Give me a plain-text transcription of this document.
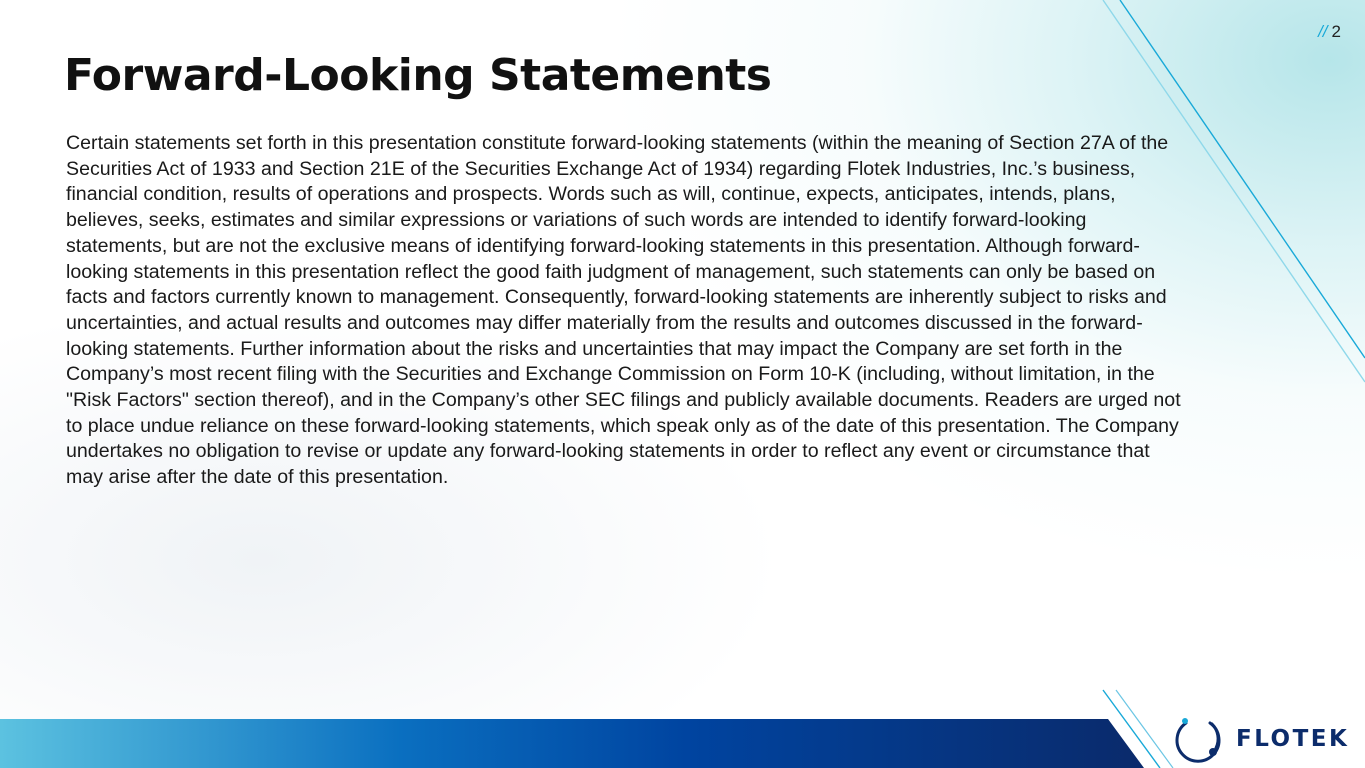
// 2
Forward-Looking Statements

Certain statements set forth in this presentation constitute forward-looking statements (within the meaning of Section 27A of the Securities Act of 1933 and Section 21E of the Securities Exchange Act of 1934) regarding Flotek Industries, Inc.’s business, financial condition, results of operations and prospects. Words such as will, continue, expects, anticipates, intends, plans, believes, seeks, estimates and similar expressions or variations of such words are intended to identify forward-looking statements, but are not the exclusive means of identifying forward-looking statements in this presentation. Although forward-looking statements in this presentation reflect the good faith judgment of management, such statements can only be based on facts and factors currently known to management. Consequently, forward-looking statements are inherently subject to risks and uncertainties, and actual results and outcomes may differ materially from the results and outcomes discussed in the forward-looking statements. Further information about the risks and uncertainties that may impact the Company are set forth in the Company’s most recent filing with the Securities and Exchange Commission on Form 10-K (including, without limitation, in the "Risk Factors" section thereof), and in the Company’s other SEC filings and publicly available documents. Readers are urged not to place undue reliance on these forward-looking statements, which speak only as of the date of this presentation. The Company undertakes no obligation to revise or update any forward-looking statements in order to reflect any event or circumstance that may arise after the date of this presentation.

FLOTEK
